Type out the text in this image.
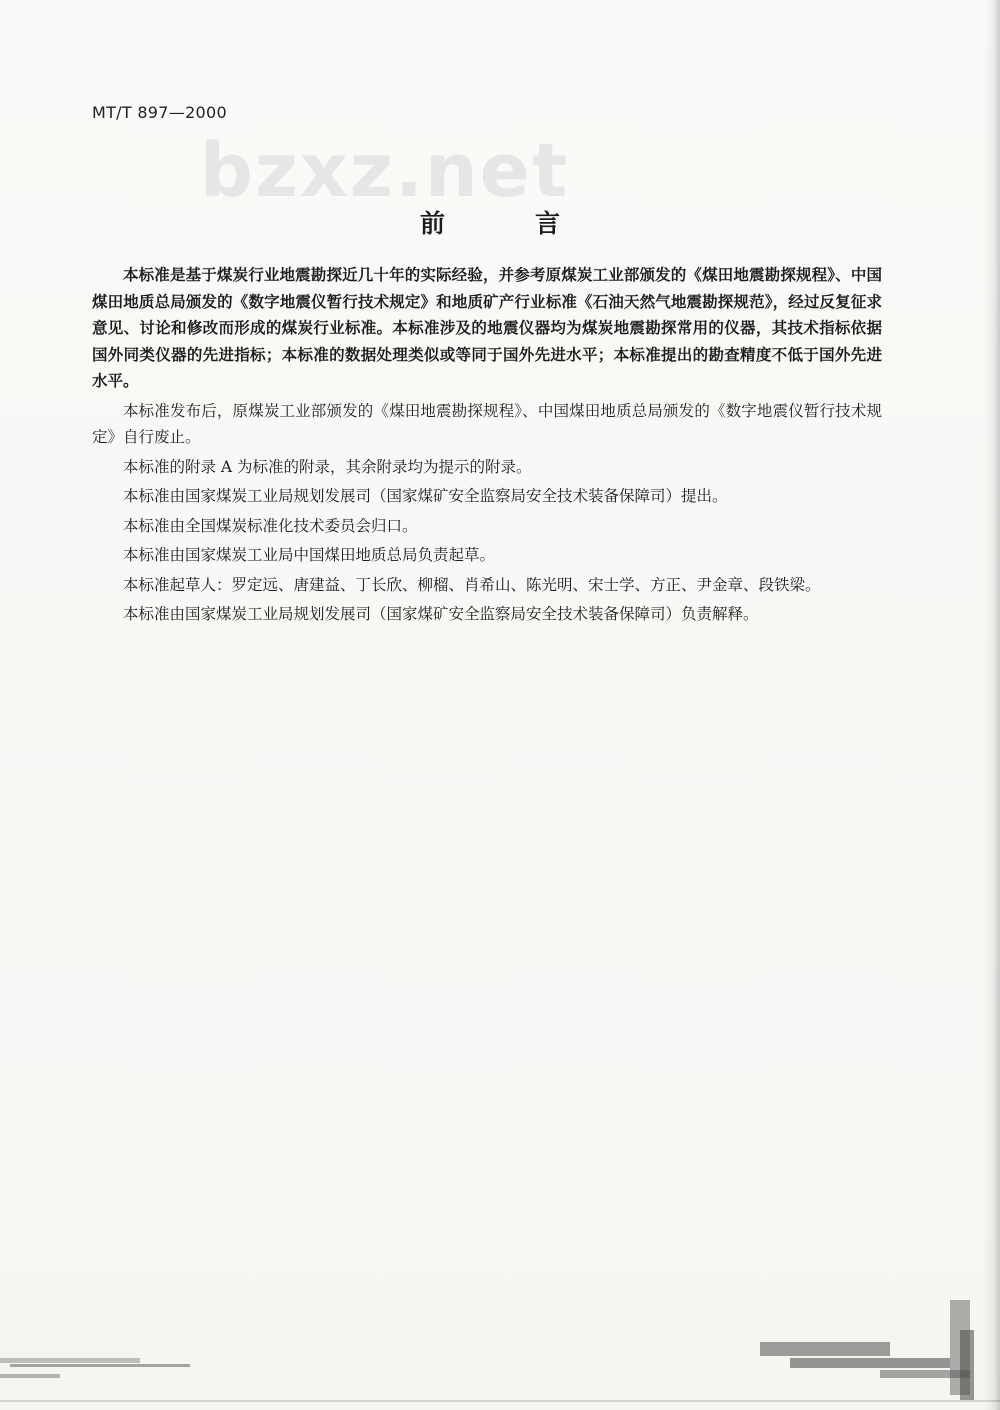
MT/T 897—2000
bzxz.net
前	言

本标准是基于煤炭行业地震勘探近几十年的实际经验，并参考原煤炭工业部颁发的《煤田地震勘探规程》、中国煤田地质总局颁发的《数字地震仪暂行技术规定》和地质矿产行业标准《石油天然气地震勘探规范》，经过反复征求意见、讨论和修改而形成的煤炭行业标准。本标准涉及的地震仪器均为煤炭地震勘探常用的仪器，其技术指标依据国外同类仪器的先进指标；本标准的数据处理类似或等同于国外先进水平；本标准提出的勘查精度不低于国外先进水平。

本标准发布后，原煤炭工业部颁发的《煤田地震勘探规程》、中国煤田地质总局颁发的《数字地震仪暂行技术规定》自行废止。

本标准的附录 A 为标准的附录，其余附录均为提示的附录。

本标准由国家煤炭工业局规划发展司（国家煤矿安全监察局安全技术装备保障司）提出。

本标准由全国煤炭标准化技术委员会归口。

本标准由国家煤炭工业局中国煤田地质总局负责起草。

本标准起草人：罗定远、唐建益、丁长欣、柳榴、肖希山、陈光明、宋士学、方正、尹金章、段铁梁。

本标准由国家煤炭工业局规划发展司（国家煤矿安全监察局安全技术装备保障司）负责解释。
